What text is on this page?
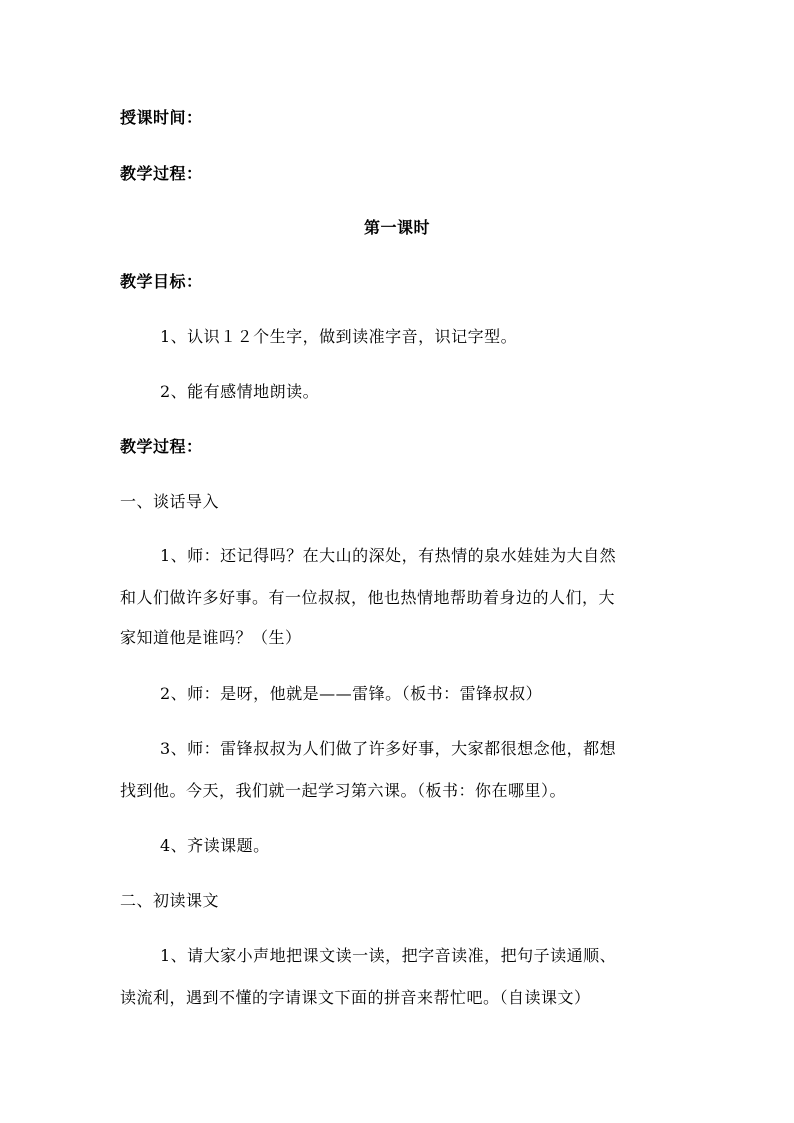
授课时间：
教学过程：
第一课时
教学目标：
1、认识１２个生字，做到读准字音，识记字型。
2、能有感情地朗读。
教学过程：
一、谈话导入
1、师：还记得吗？在大山的深处，有热情的泉水娃娃为大自然
和人们做许多好事。有一位叔叔，他也热情地帮助着身边的人们，大
家知道他是谁吗？（生）
2、师：是呀，他就是——雷锋。（板书：雷锋叔叔）
3、师：雷锋叔叔为人们做了许多好事，大家都很想念他，都想
找到他。今天，我们就一起学习第六课。（板书：你在哪里）。
4、齐读课题。
二、初读课文
1、请大家小声地把课文读一读，把字音读准，把句子读通顺、
读流利，遇到不懂的字请课文下面的拼音来帮忙吧。（自读课文）
